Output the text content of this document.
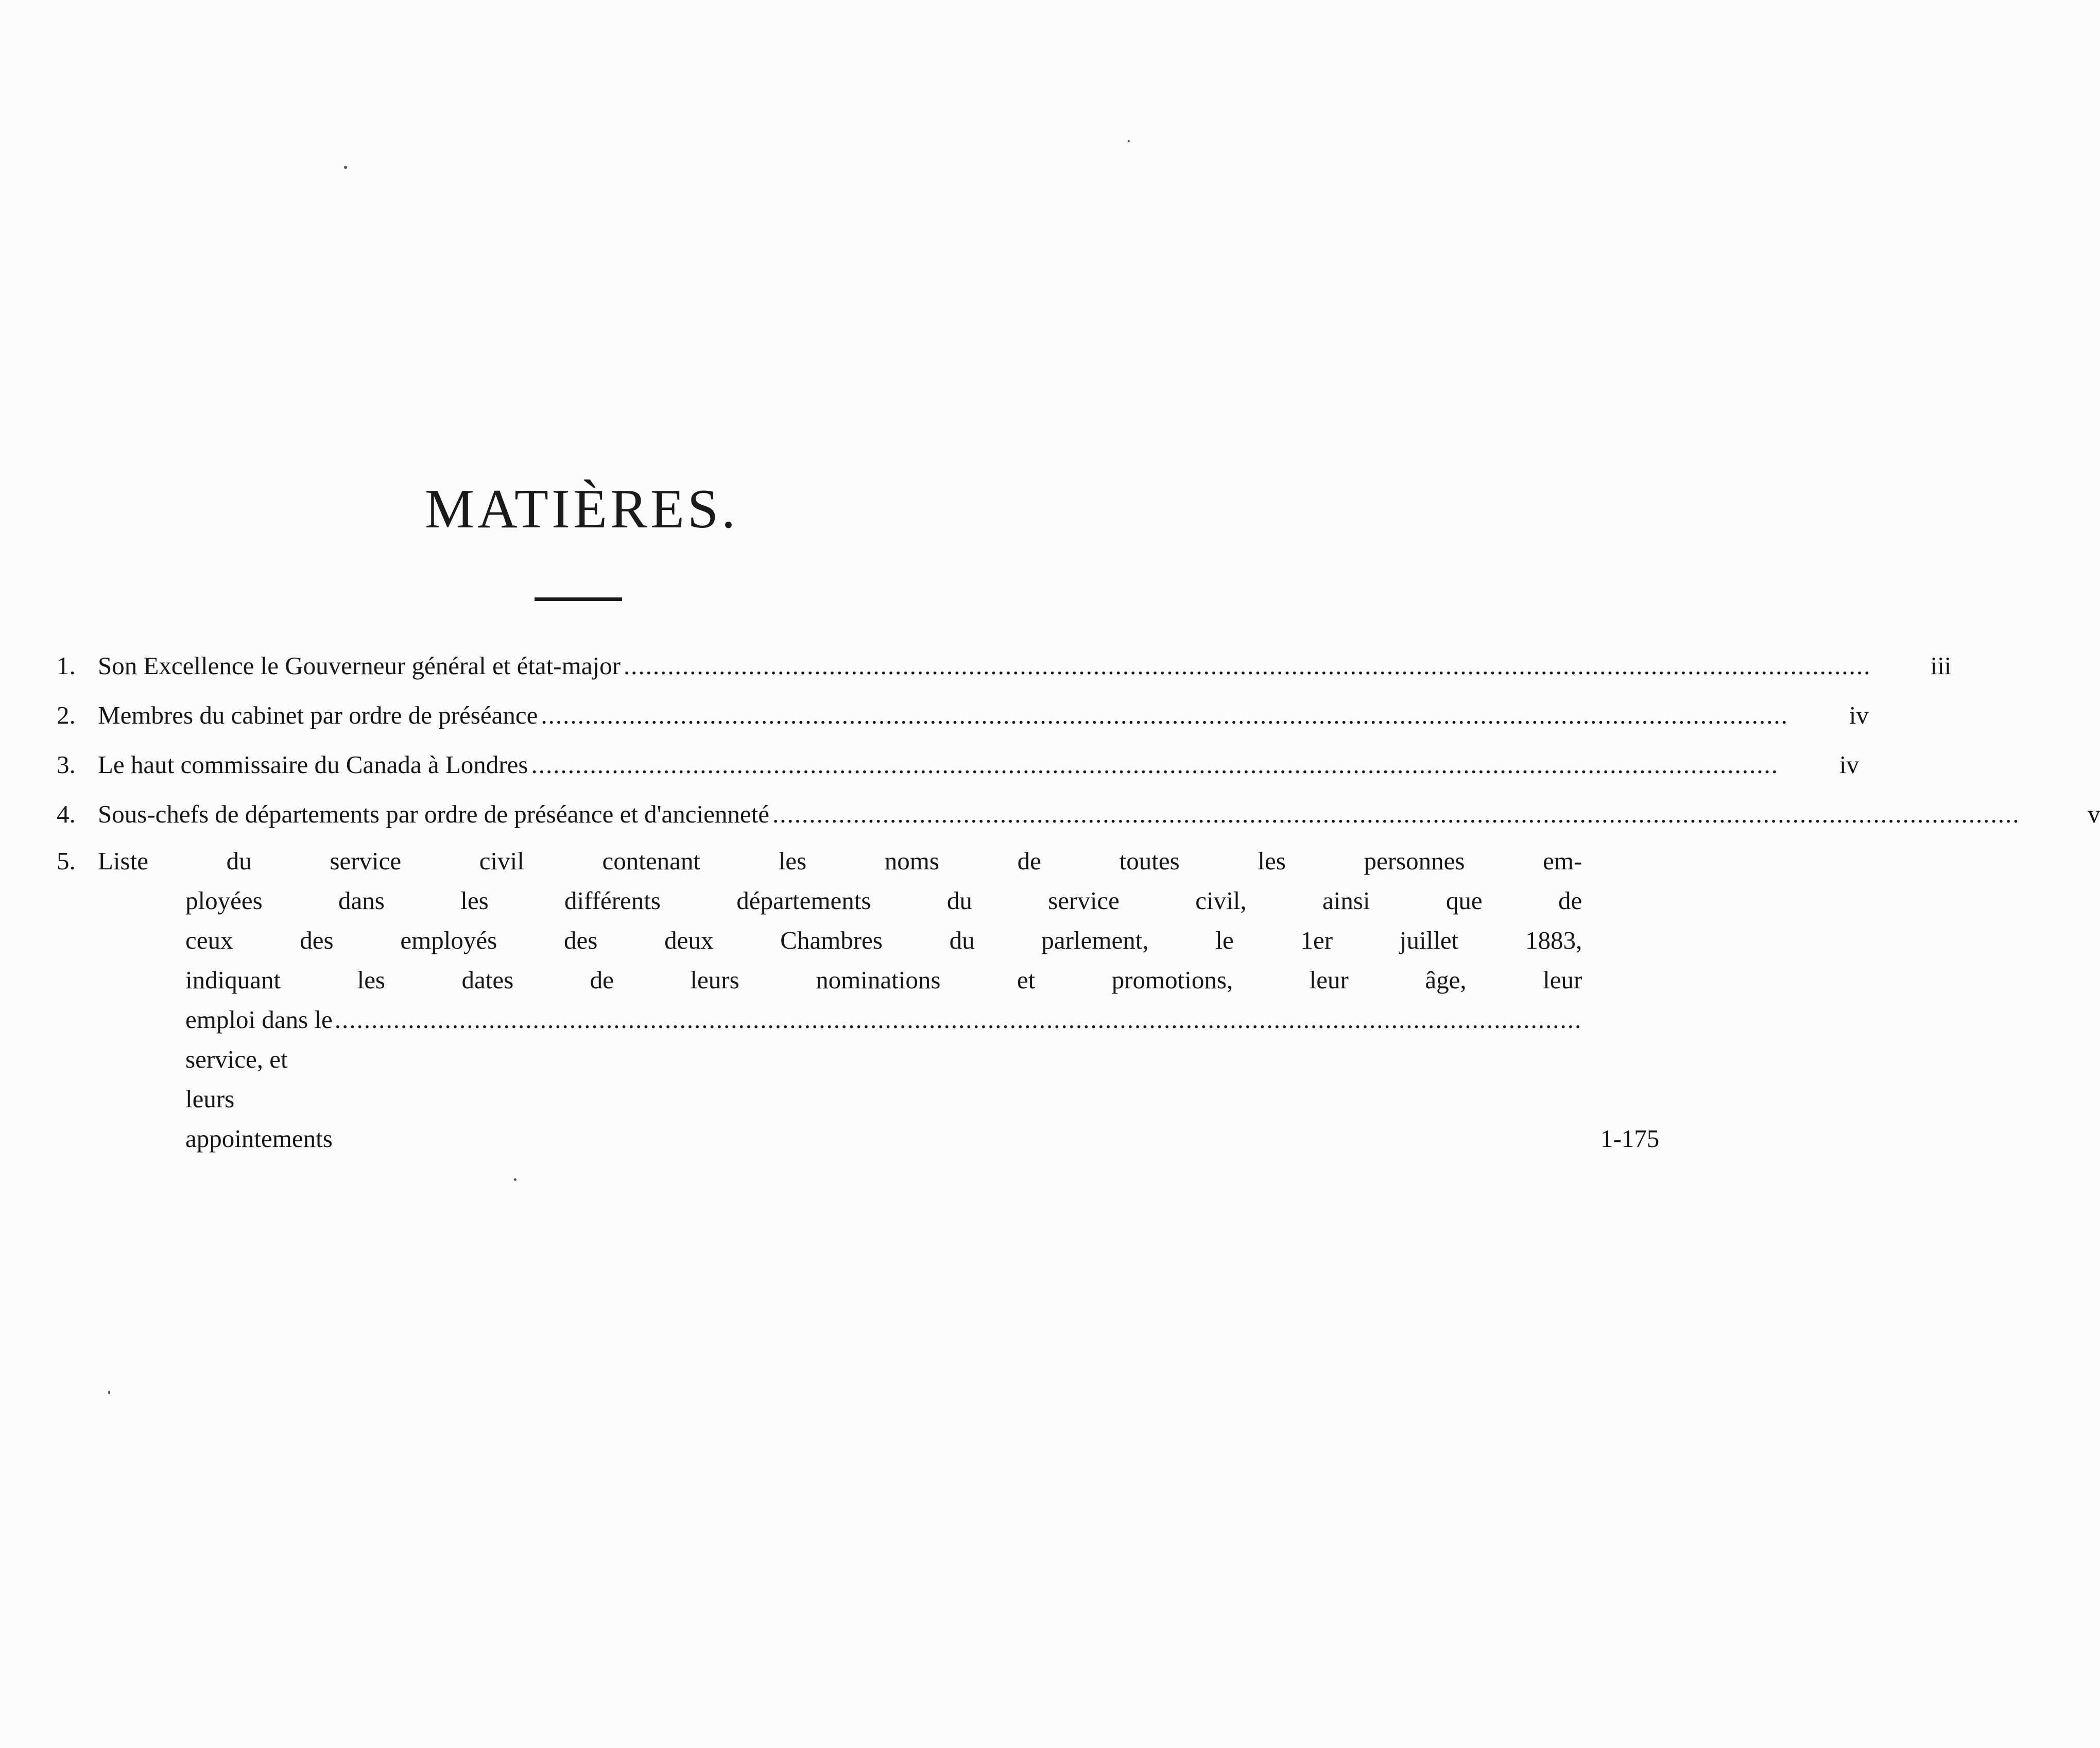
MATIÈRES.
1. Son Excellence le Gouverneur général et état-major .....	iii
2. Membres du cabinet par ordre de préséance .....	iv
3. Le haut commissaire du Canada à Londres .....	iv
4. Sous-chefs de départements par ordre de préséance et d'ancienneté .....	v
5. Liste du service civil contenant les noms de toutes les personnes em-
ployées dans les différents départements du service civil, ainsi que de
ceux des employés des deux Chambres du parlement, le 1er juillet 1883,
indiquant les dates de leurs nominations et promotions, leur âge, leur
emploi dans le service, et leurs appointements
.....	1-175
